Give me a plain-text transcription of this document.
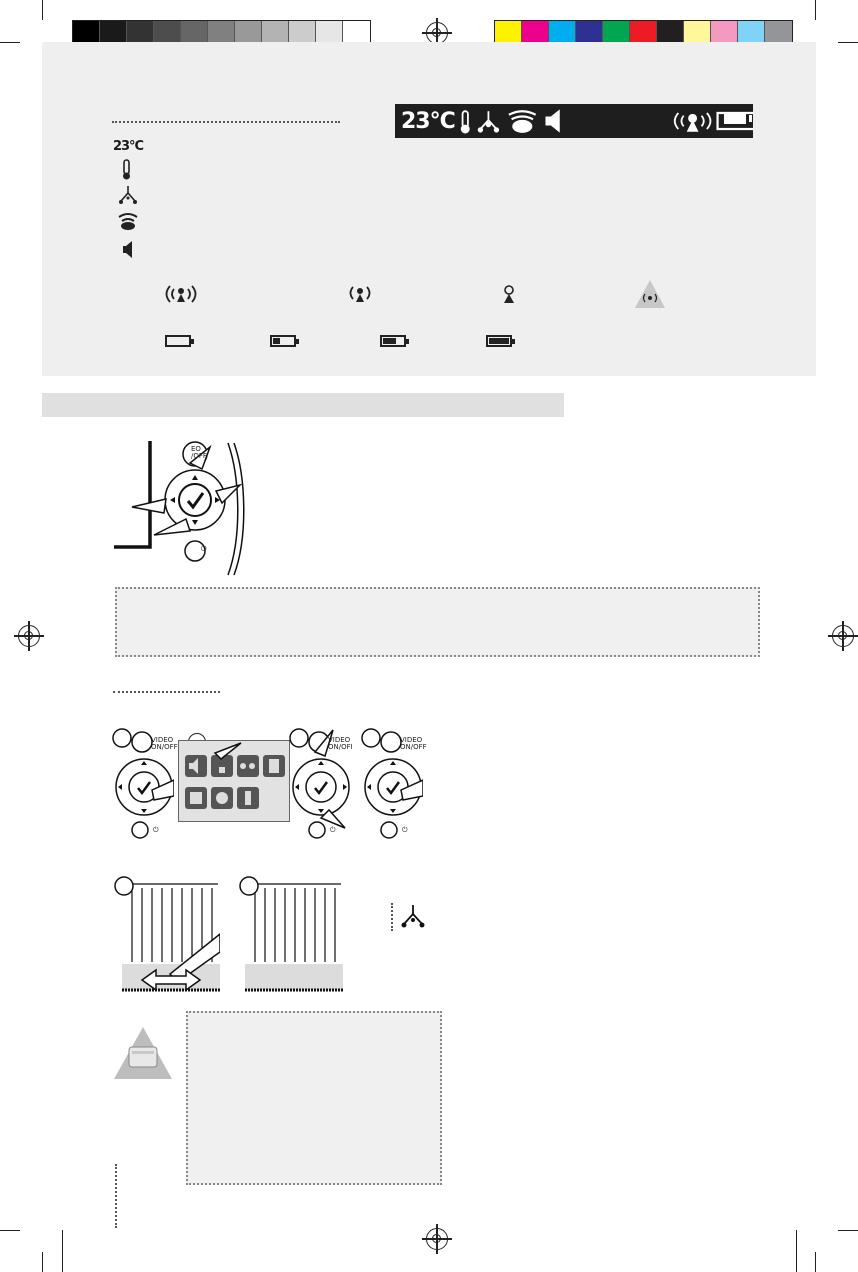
23°C
23°C
EO
/OFF
⏻
VIDEO
ON/OFF
⏻
VIDEO
ON/OFI
⏻
VIDEO
ON/OFF
⏻
